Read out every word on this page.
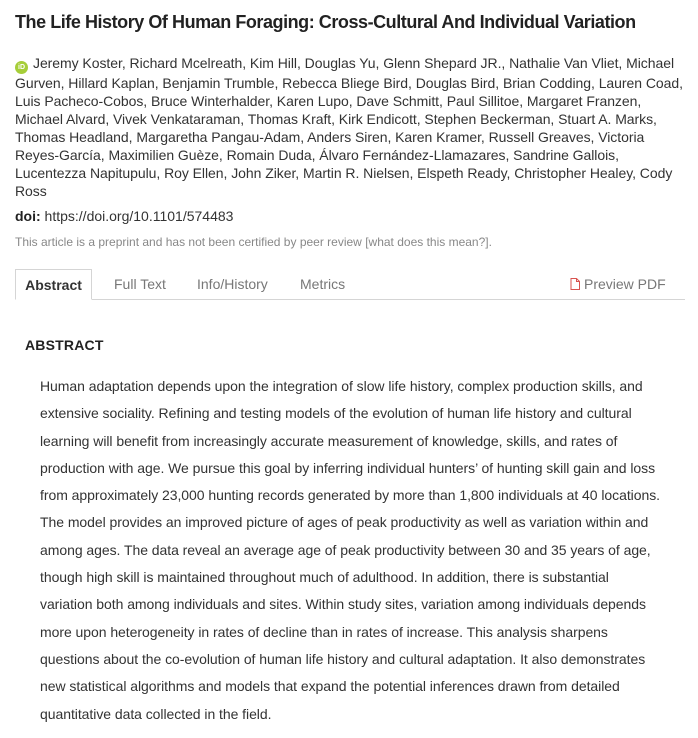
The Life History Of Human Foraging: Cross-Cultural And Individual Variation
iD Jeremy Koster, Richard Mcelreath, Kim Hill, Douglas Yu, Glenn Shepard JR., Nathalie Van Vliet, Michael Gurven, Hillard Kaplan, Benjamin Trumble, Rebecca Bliege Bird, Douglas Bird, Brian Codding, Lauren Coad, Luis Pacheco-Cobos, Bruce Winterhalder, Karen Lupo, Dave Schmitt, Paul Sillitoe, Margaret Franzen, Michael Alvard, Vivek Venkataraman, Thomas Kraft, Kirk Endicott, Stephen Beckerman, Stuart A. Marks, Thomas Headland, Margaretha Pangau-Adam, Anders Siren, Karen Kramer, Russell Greaves, Victoria Reyes-García, Maximilien Guèze, Romain Duda, Álvaro Fernández-Llamazares, Sandrine Gallois, Lucentezza Napitupulu, Roy Ellen, John Ziker, Martin R. Nielsen, Elspeth Ready, Christopher Healey, Cody Ross
doi: https://doi.org/10.1101/574483
This article is a preprint and has not been certified by peer review [what does this mean?].
Abstract	Full Text Info/History Metrics	Preview PDF
ABSTRACT

Human adaptation depends upon the integration of slow life history, complex production skills, and extensive sociality. Refining and testing models of the evolution of human life history and cultural learning will benefit from increasingly accurate measurement of knowledge, skills, and rates of production with age. We pursue this goal by inferring individual hunters’ of hunting skill gain and loss from approximately 23,000 hunting records generated by more than 1,800 individuals at 40 locations. The model provides an improved picture of ages of peak productivity as well as variation within and among ages. The data reveal an average age of peak productivity between 30 and 35 years of age, though high skill is maintained throughout much of adulthood. In addition, there is substantial variation both among individuals and sites. Within study sites, variation among individuals depends more upon heterogeneity in rates of decline than in rates of increase. This analysis sharpens questions about the co-evolution of human life history and cultural adaptation. It also demonstrates new statistical algorithms and models that expand the potential inferences drawn from detailed quantitative data collected in the field.
